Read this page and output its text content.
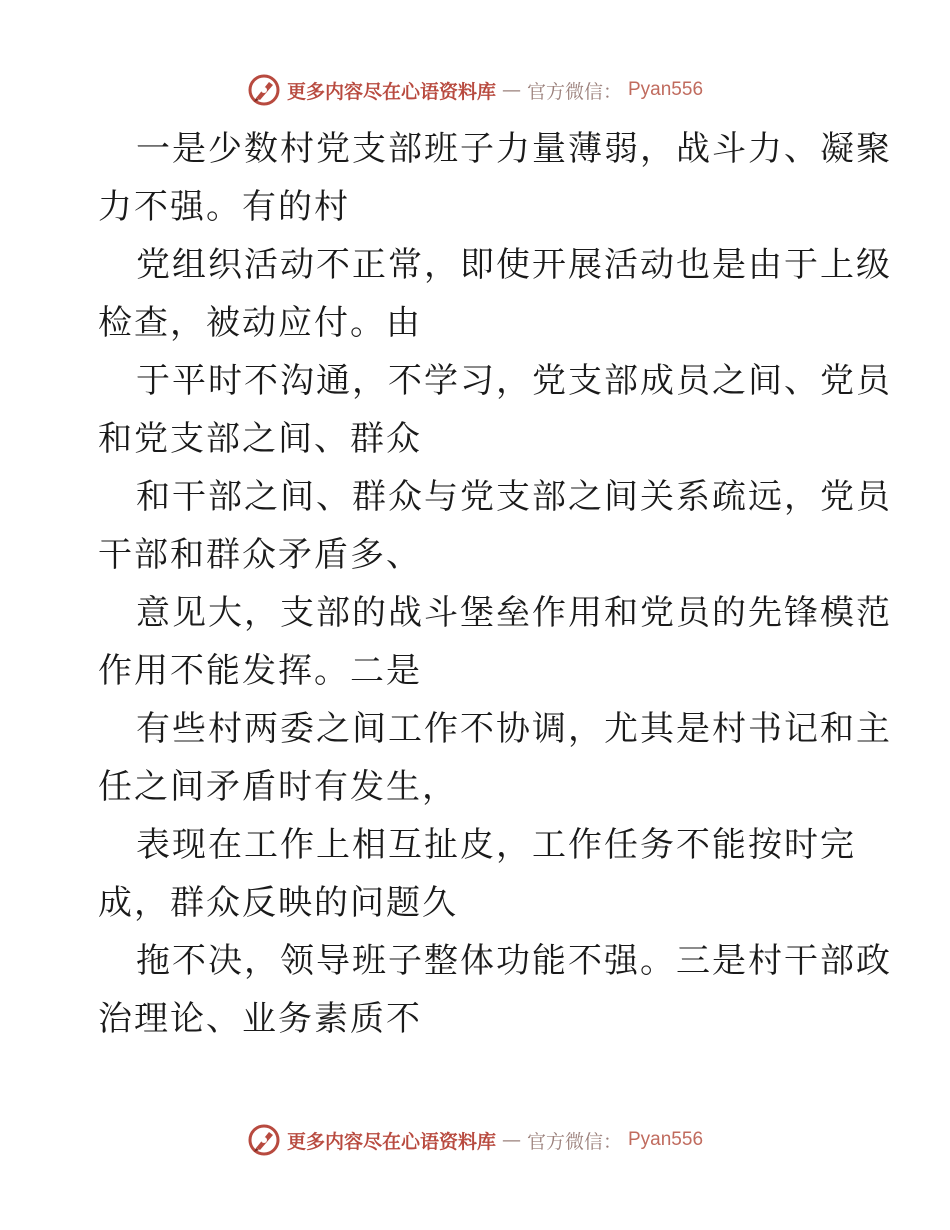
更多内容尽在心语资料库 — 官方微信： Pyan556
一是少数村党支部班子力量薄弱，战斗力、凝聚
力不强。有的村
党组织活动不正常，即使开展活动也是由于上级
检查，被动应付。由
于平时不沟通，不学习，党支部成员之间、党员
和党支部之间、群众
和干部之间、群众与党支部之间关系疏远，党员
干部和群众矛盾多、
意见大，支部的战斗堡垒作用和党员的先锋模范
作用不能发挥。二是
有些村两委之间工作不协调，尤其是村书记和主
任之间矛盾时有发生，
表现在工作上相互扯皮，工作任务不能按时完
成，群众反映的问题久
拖不决，领导班子整体功能不强。三是村干部政
治理论、业务素质不
更多内容尽在心语资料库 — 官方微信： Pyan556
